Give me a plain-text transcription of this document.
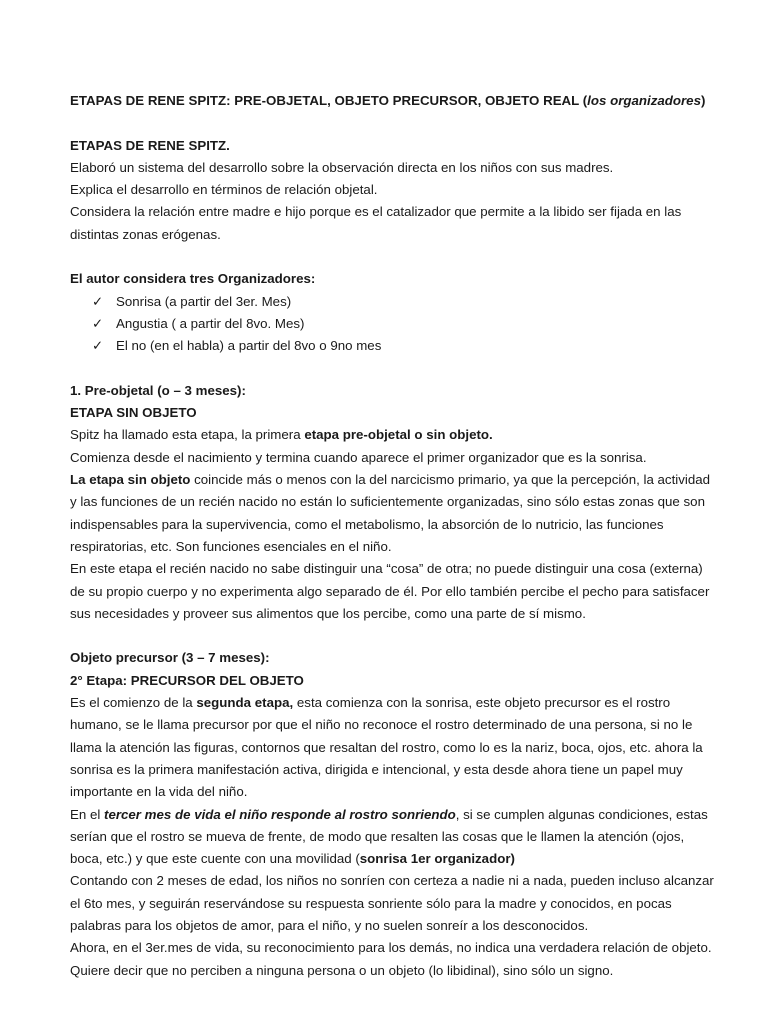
ETAPAS DE RENE SPITZ: PRE-OBJETAL, OBJETO PRECURSOR, OBJETO REAL (los organizadores)
ETAPAS DE RENE SPITZ.
Elaboró un sistema del desarrollo sobre la observación directa en los niños con sus madres.
Explica el desarrollo en términos de relación objetal.
Considera la relación entre madre e hijo porque es el catalizador que permite a la libido ser fijada en las
distintas zonas erógenas.
El autor considera tres Organizadores:
✓ Sonrisa (a partir del 3er. Mes)
✓ Angustia ( a partir del 8vo. Mes)
✓ El no (en el habla) a partir del 8vo o 9no mes
1. Pre-objetal (o – 3 meses):
ETAPA SIN OBJETO
Spitz ha llamado esta etapa, la primera etapa pre-objetal o sin objeto.
Comienza desde el nacimiento y termina cuando aparece el primer organizador que es la sonrisa.
La etapa sin objeto coincide más o menos con la del narcicismo primario, ya que la percepción, la actividad
y las funciones de un recién nacido no están lo suficientemente organizadas, sino sólo estas zonas que son
indispensables para la supervivencia, como el metabolismo, la absorción de lo nutricio, las funciones
respiratorias, etc. Son funciones esenciales en el niño.
En este etapa el recién nacido no sabe distinguir una “cosa” de otra; no puede distinguir una cosa (externa)
de su propio cuerpo y no experimenta algo separado de él. Por ello también percibe el pecho para satisfacer
sus necesidades y proveer sus alimentos que los percibe, como una parte de sí mismo.
Objeto precursor (3 – 7 meses):
2° Etapa: PRECURSOR DEL OBJETO
Es el comienzo de la segunda etapa, esta comienza con la sonrisa, este objeto precursor es el rostro
humano, se le llama precursor por que el niño no reconoce el rostro determinado de una persona, si no le
llama la atención las figuras, contornos que resaltan del rostro, como lo es la nariz, boca, ojos, etc. ahora la
sonrisa es la primera manifestación activa, dirigida e intencional, y esta desde ahora tiene un papel muy
importante en la vida del niño.
En el tercer mes de vida el niño responde al rostro sonriendo, si se cumplen algunas condiciones, estas
serían que el rostro se mueva de frente, de modo que resalten las cosas que le llamen la atención (ojos,
boca, etc.) y que este cuente con una movilidad (sonrisa 1er organizador)
Contando con 2 meses de edad, los niños no sonríen con certeza a nadie ni a nada, pueden incluso alcanzar
el 6to mes, y seguirán reservándose su respuesta sonriente sólo para la madre y conocidos, en pocas
palabras para los objetos de amor, para el niño, y no suelen sonreír a los desconocidos.
Ahora, en el 3er.mes de vida, su reconocimiento para los demás, no indica una verdadera relación de objeto.
Quiere decir que no perciben a ninguna persona o un objeto (lo libidinal), sino sólo un signo.
